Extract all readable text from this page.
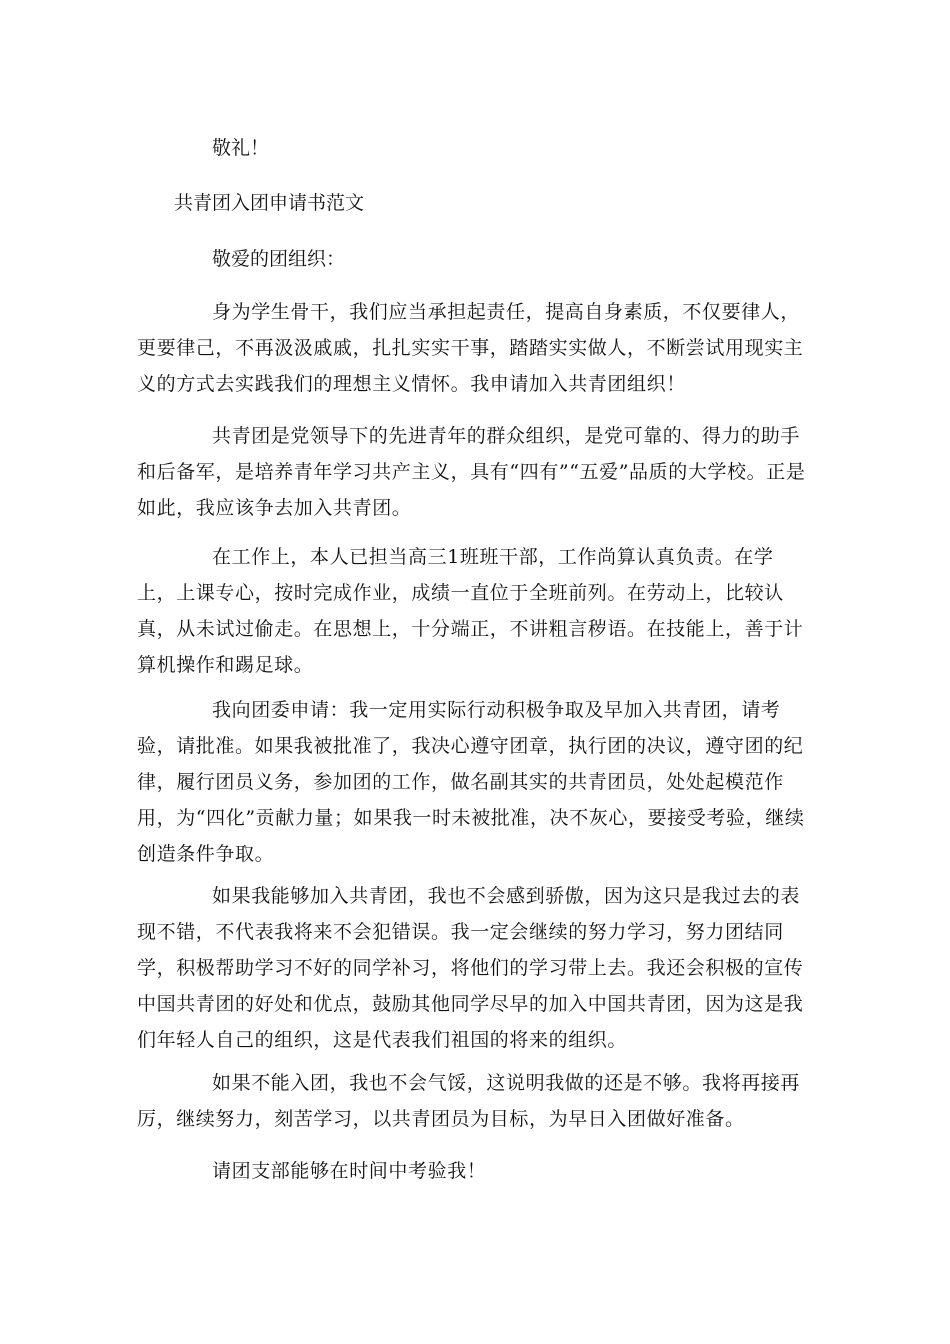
敬礼！
共青团入团申请书范文
敬爱的团组织：

身为学生骨干，我们应当承担起责任，提高自身素质，不仅要律人，更要律己，不再汲汲戚戚，扎扎实实干事，踏踏实实做人，不断尝试用现实主义的方式去实践我们的理想主义情怀。我申请加入共青团组织！

共青团是党领导下的先进青年的群众组织，是党可靠的、得力的助手和后备军，是培养青年学习共产主义，具有“四有”“五爱”品质的大学校。正是如此，我应该争去加入共青团。

在工作上，本人已担当高三1班班干部，工作尚算认真负责。在学上，上课专心，按时完成作业，成绩一直位于全班前列。在劳动上，比较认真，从未试过偷走。在思想上，十分端正，不讲粗言秽语。在技能上，善于计算机操作和踢足球。

我向团委申请：我一定用实际行动积极争取及早加入共青团，请考验，请批准。如果我被批准了，我决心遵守团章，执行团的决议，遵守团的纪律，履行团员义务，参加团的工作，做名副其实的共青团员，处处起模范作用，为“四化”贡献力量；如果我一时未被批准，决不灰心，要接受考验，继续创造条件争取。

如果我能够加入共青团，我也不会感到骄傲，因为这只是我过去的表现不错，不代表我将来不会犯错误。我一定会继续的努力学习，努力团结同学，积极帮助学习不好的同学补习，将他们的学习带上去。我还会积极的宣传中国共青团的好处和优点，鼓励其他同学尽早的加入中国共青团，因为这是我们年轻人自己的组织，这是代表我们祖国的将来的组织。

如果不能入团，我也不会气馁，这说明我做的还是不够。我将再接再厉，继续努力，刻苦学习，以共青团员为目标，为早日入团做好准备。

请团支部能够在时间中考验我！
